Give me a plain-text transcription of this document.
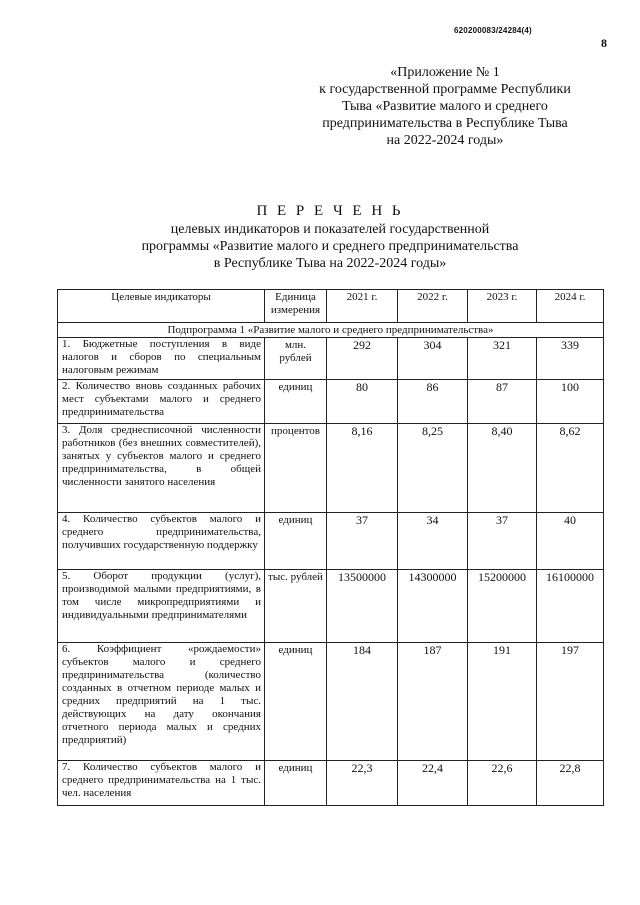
620200083/24284(4)
8
«Приложение № 1
к государственной программе Республики
Тыва «Развитие малого и среднего
предпринимательства в Республике Тыва
на 2022-2024 годы»
П Е Р Е Ч Е Н Ь
целевых индикаторов и показателей государственной
программы «Развитие малого и среднего предпринимательства
в Республике Тыва на 2022-2024 годы»
Целевые индикаторы	Единица измерения	2021 г.	2022 г.	2023 г.	2024 г.
Подпрограмма 1 «Развитие малого и среднего предпринимательства»					
1. Бюджетные поступления в виде налогов и сборов по специальным налоговым режимам	млн. рублей	292	304	321	339
2. Количество вновь созданных рабочих мест субъектами малого и среднего предпринимательства	единиц	80	86	87	100
3. Доля среднесписочной численности работников (без внешних совместителей), занятых у субъектов малого и среднего предпринимательства, в общей численности занятого населения	процентов	8,16	8,25	8,40	8,62
4. Количество субъектов малого и среднего предпринимательства, получивших государственную поддержку	единиц	37	34	37	40
5. Оборот продукции (услуг), производимой малыми предприятиями, в том числе микропредприятиями и индивидуальными предпринимателями	тыс. рублей	13500000	14300000	15200000	16100000
6. Коэффициент «рождаемости» субъектов малого и среднего предпринимательства (количество созданных в отчетном периоде малых и средних предприятий на 1 тыс. действующих на дату окончания отчетного периода малых и средних предприятий)	единиц	184	187	191	197
7. Количество субъектов малого и среднего предпринимательства на 1 тыс. чел. населения	единиц	22,3	22,4	22,6	22,8
